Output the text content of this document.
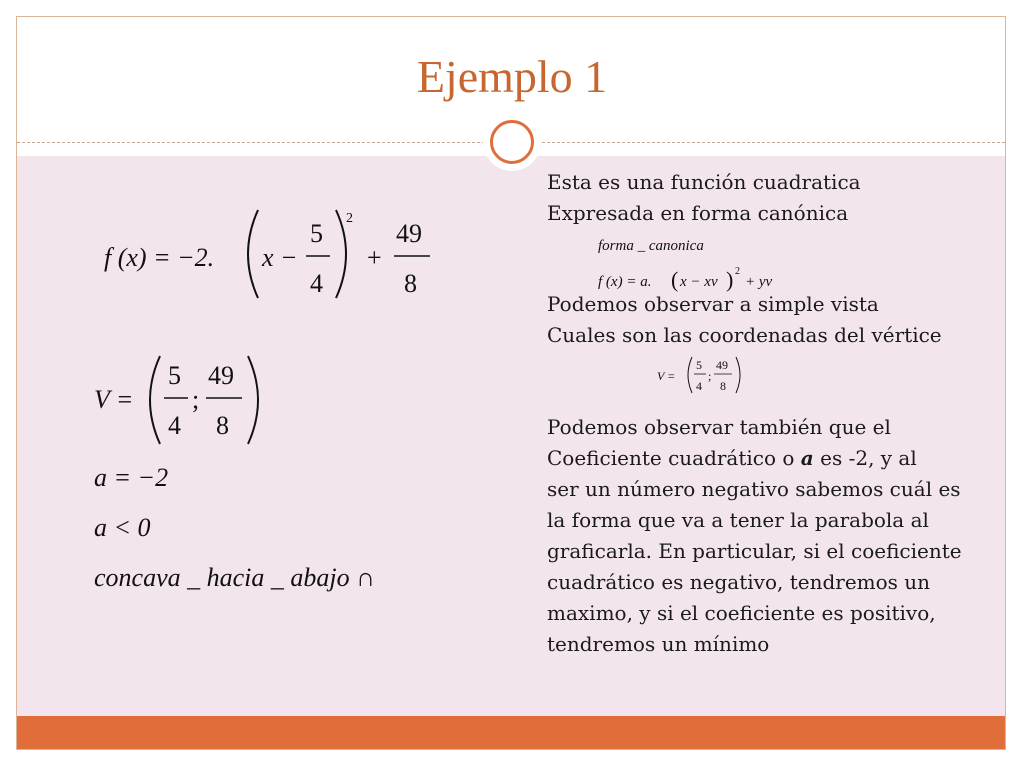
Ejemplo 1
f (x) = −2. x −
5
4
2
+
49
8
V =
5
4
;
49
8
a = −2
a < 0
concava _ hacia _ abajo ∩
forma _ canonica
f (x) = a. ( x − xv ) 2
+ yv
V =
5
4
;
49
8
Esta es una función cuadratica
Expresada en forma canónica
Podemos observar a simple vista
Cuales son las coordenadas del vértice
Podemos observar también que el
Coeficiente cuadrático o a es -2, y al
ser un número negativo sabemos cuál es
la forma que va a tener la parabola al
graficarla. En particular, si el coeficiente
cuadrático es negativo, tendremos un
maximo, y si el coeficiente es positivo,
tendremos un mínimo
